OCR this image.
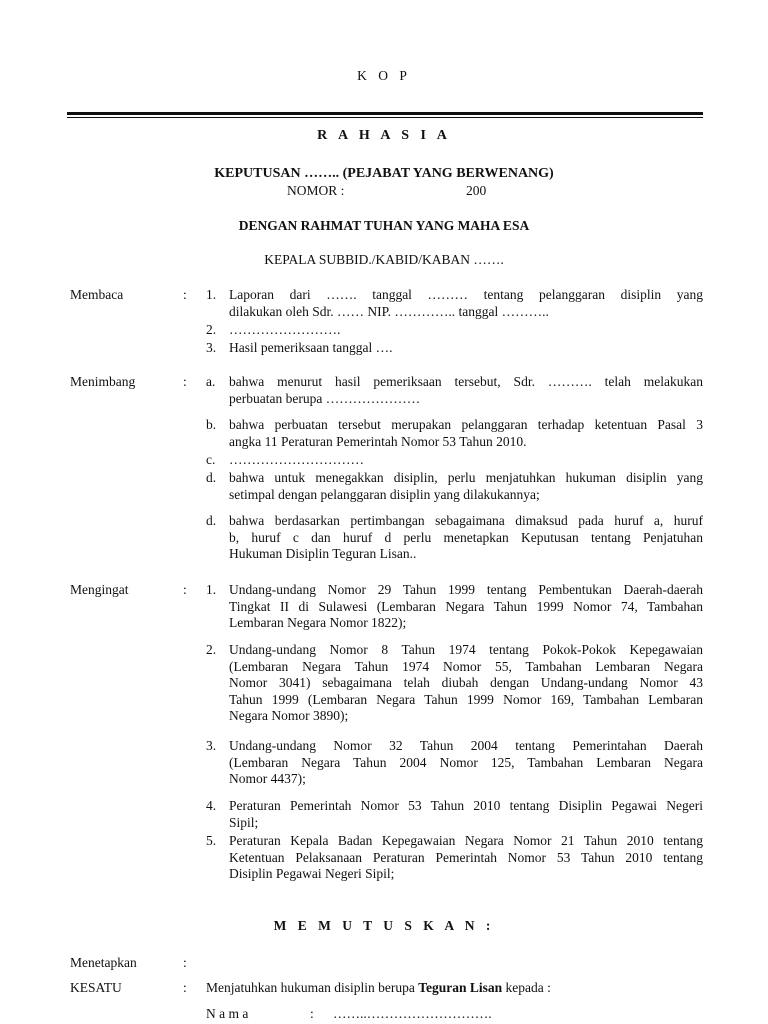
K O P
R A H A S I A
KEPUTUSAN …….. (PEJABAT YANG BERWENANG)
NOMOR :	200
DENGAN RAHMAT TUHAN YANG MAHA ESA
KEPALA SUBBID./KABID/KABAN …….
Membaca	: 1. Laporan dari ……. tanggal ……… tentang pelanggaran disiplin yang
dilakukan oleh Sdr. …… NIP. ………….. tanggal ………..
2. …………………….
3. Hasil pemeriksaan tanggal ….
Menimbang	: a. bahwa menurut hasil pemeriksaan tersebut, Sdr. ………. telah melakukan
perbuatan berupa …………………
b. bahwa perbuatan tersebut merupakan pelanggaran terhadap ketentuan Pasal 3
angka 11 Peraturan Pemerintah Nomor 53 Tahun 2010.
c. …………………………
d. bahwa untuk menegakkan disiplin, perlu menjatuhkan hukuman disiplin yang
setimpal dengan pelanggaran disiplin yang dilakukannya;
d. bahwa berdasarkan pertimbangan sebagaimana dimaksud pada huruf a, huruf
b, huruf c dan huruf d perlu menetapkan Keputusan tentang Penjatuhan
Hukuman Disiplin Teguran Lisan..
Mengingat	: 1. Undang-undang Nomor 29 Tahun 1999 tentang Pembentukan Daerah-daerah
Tingkat II di Sulawesi (Lembaran Negara Tahun 1999 Nomor 74, Tambahan
Lembaran Negara Nomor 1822);
2. Undang-undang Nomor 8 Tahun 1974 tentang Pokok-Pokok Kepegawaian
(Lembaran Negara Tahun 1974 Nomor 55, Tambahan Lembaran Negara
Nomor 3041) sebagaimana telah diubah dengan Undang-undang Nomor 43
Tahun 1999 (Lembaran Negara Tahun 1999 Nomor 169, Tambahan Lembaran
Negara Nomor 3890);
3. Undang-undang Nomor 32 Tahun 2004 tentang Pemerintahan Daerah
(Lembaran Negara Tahun 2004 Nomor 125, Tambahan Lembaran Negara
Nomor 4437);
4. Peraturan Pemerintah Nomor 53 Tahun 2010 tentang Disiplin Pegawai Negeri
Sipil;
5. Peraturan Kepala Badan Kepegawaian Negara Nomor 21 Tahun 2010 tentang
Ketentuan Pelaksanaan Peraturan Pemerintah Nomor 53 Tahun 2010 tentang
Disiplin Pegawai Negeri Sipil;
M E M U T U S K A N :
Menetapkan	:
KESATU	: Menjatuhkan hukuman disiplin berupa Teguran Lisan kepada :
N a m a	: ……..……………………….
